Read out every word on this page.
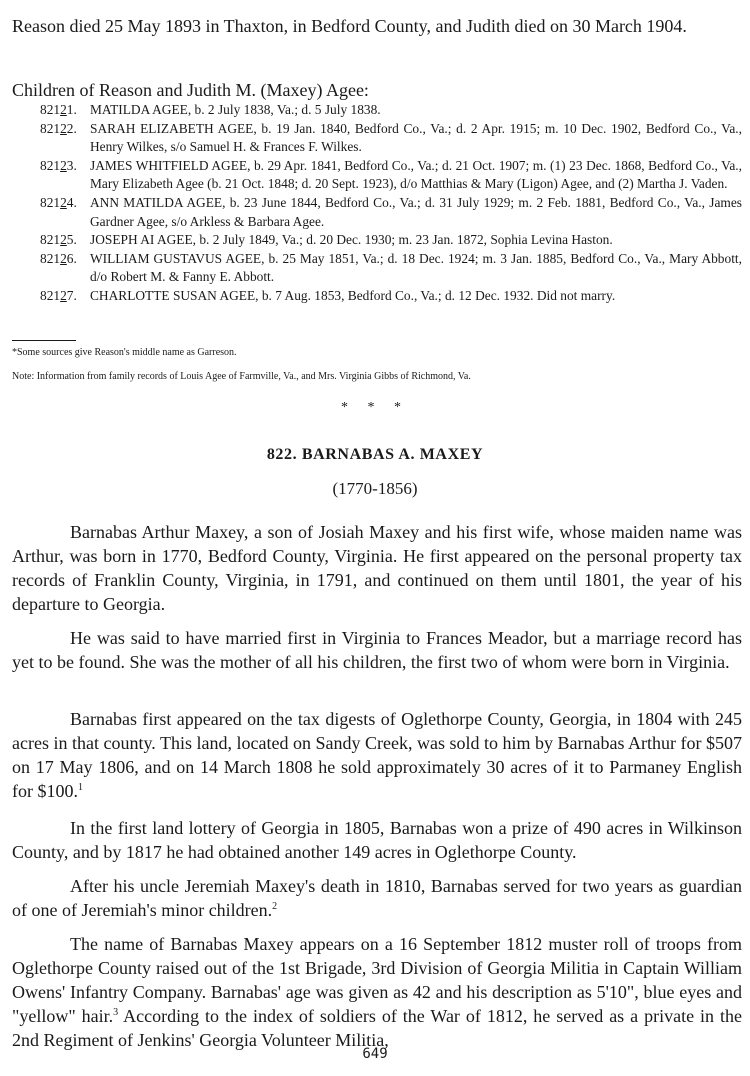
Reason died 25 May 1893 in Thaxton, in Bedford County, and Judith died on 30 March 1904.

Children of Reason and Judith M. (Maxey) Agee:

82121. MATILDA AGEE, b. 2 July 1838, Va.; d. 5 July 1838.
82122. SARAH ELIZABETH AGEE, b. 19 Jan. 1840, Bedford Co., Va.; d. 2 Apr. 1915; m. 10 Dec. 1902, Bedford Co., Va., Henry Wilkes, s/o Samuel H. & Frances F. Wilkes.
82123. JAMES WHITFIELD AGEE, b. 29 Apr. 1841, Bedford Co., Va.; d. 21 Oct. 1907; m. (1) 23 Dec. 1868, Bedford Co., Va., Mary Elizabeth Agee (b. 21 Oct. 1848; d. 20 Sept. 1923), d/o Matthias & Mary (Ligon) Agee, and (2) Martha J. Vaden.
82124. ANN MATILDA AGEE, b. 23 June 1844, Bedford Co., Va.; d. 31 July 1929; m. 2 Feb. 1881, Bedford Co., Va., James Gardner Agee, s/o Arkless & Barbara Agee.
82125. JOSEPH AI AGEE, b. 2 July 1849, Va.; d. 20 Dec. 1930; m. 23 Jan. 1872, Sophia Levina Haston.
82126. WILLIAM GUSTAVUS AGEE, b. 25 May 1851, Va.; d. 18 Dec. 1924; m. 3 Jan. 1885, Bedford Co., Va., Mary Abbott, d/o Robert M. & Fanny E. Abbott.
82127. CHARLOTTE SUSAN AGEE, b. 7 Aug. 1853, Bedford Co., Va.; d. 12 Dec. 1932. Did not marry.

*Some sources give Reason's middle name as Garreson.

Note: Information from family records of Louis Agee of Farmville, Va., and Mrs. Virginia Gibbs of Richmond, Va.

* * *

822. BARNABAS A. MAXEY

(1770-1856)

Barnabas Arthur Maxey, a son of Josiah Maxey and his first wife, whose maiden name was Arthur, was born in 1770, Bedford County, Virginia. He first appeared on the personal property tax records of Franklin County, Virginia, in 1791, and continued on them until 1801, the year of his departure to Georgia.

He was said to have married first in Virginia to Frances Meador, but a marriage record has yet to be found. She was the mother of all his children, the first two of whom were born in Virginia.

Barnabas first appeared on the tax digests of Oglethorpe County, Georgia, in 1804 with 245 acres in that county. This land, located on Sandy Creek, was sold to him by Barnabas Arthur for $507 on 17 May 1806, and on 14 March 1808 he sold approximately 30 acres of it to Parmaney English for $100.$^1$

In the first land lottery of Georgia in 1805, Barnabas won a prize of 490 acres in Wilkinson County, and by 1817 he had obtained another 149 acres in Oglethorpe County.

After his uncle Jeremiah Maxey's death in 1810, Barnabas served for two years as guardian of one of Jeremiah's minor children.$^2$

The name of Barnabas Maxey appears on a 16 September 1812 muster roll of troops from Oglethorpe County raised out of the 1st Brigade, 3rd Division of Georgia Militia in Captain William Owens' Infantry Company. Barnabas' age was given as 42 and his description as 5'10", blue eyes and "yellow" hair.$^3$ According to the index of soldiers of the War of 1812, he served as a private in the 2nd Regiment of Jenkins' Georgia Volunteer Militia,

649
